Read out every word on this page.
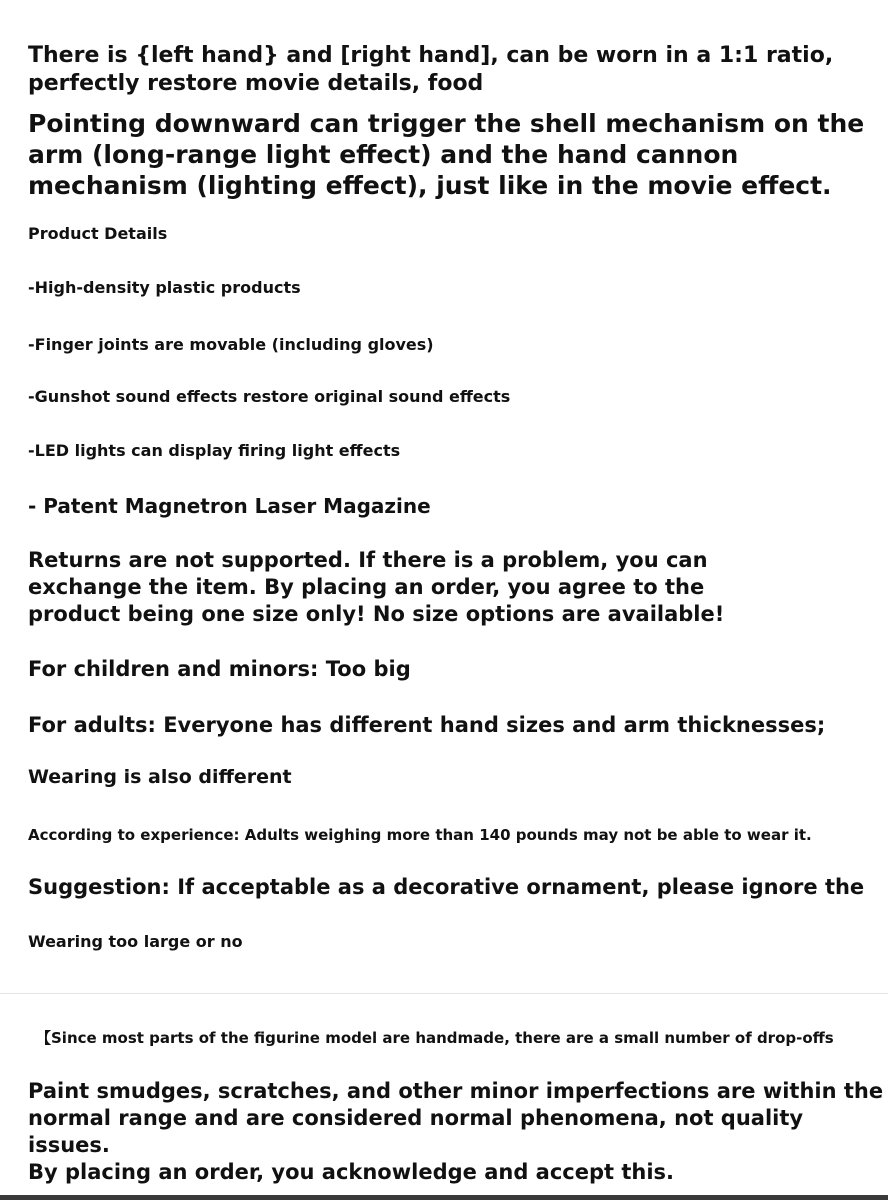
There is {left hand} and [right hand], can be worn in a 1:1 ratio,
perfectly restore movie details, food

Pointing downward can trigger the shell mechanism on the
arm (long-range light effect) and the hand cannon
mechanism (lighting effect), just like in the movie effect.

Product Details

-High-density plastic products

-Finger joints are movable (including gloves)

-Gunshot sound effects restore original sound effects

-LED lights can display firing light effects

- Patent Magnetron Laser Magazine

Returns are not supported. If there is a problem, you can
exchange the item. By placing an order, you agree to the
product being one size only! No size options are available!

For children and minors: Too big

For adults: Everyone has different hand sizes and arm thicknesses;

Wearing is also different

According to experience: Adults weighing more than 140 pounds may not be able to wear it.

Suggestion: If acceptable as a decorative ornament, please ignore the

Wearing too large or no

【Since most parts of the figurine model are handmade, there are a small number of drop-offs

Paint smudges, scratches, and other minor imperfections are within the
normal range and are considered normal phenomena, not quality issues.
By placing an order, you acknowledge and accept this.
